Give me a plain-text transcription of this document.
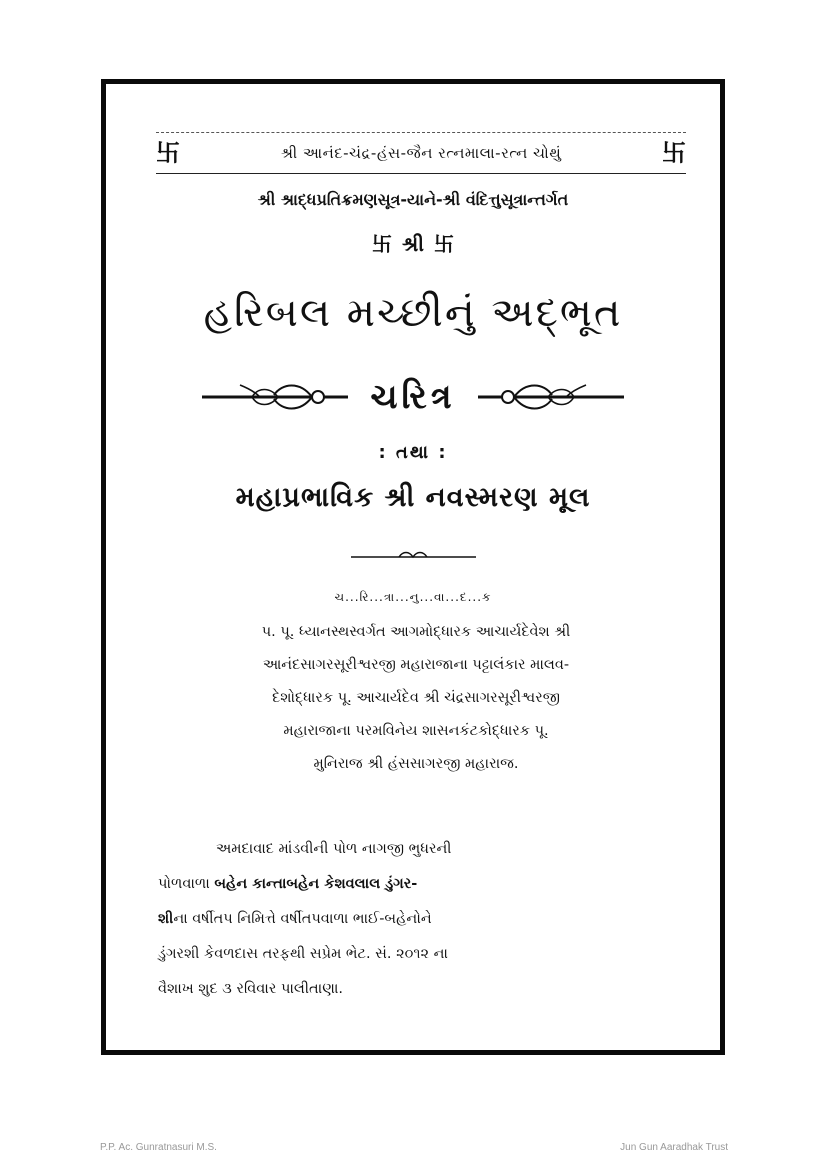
卐	શ્રી આનંદ-ચંદ્ર-હંસ-જૈન રત્નમાલા-રત્ન ચોથું	卐
શ્રી શ્રાદ્ધપ્રતિક્રમણસૂત્ર-યાને-શ્રી વંદિત્તુસૂત્રાન્તર્ગત
卐 શ્રી 卐
હરિબલ મચ્છીનું અદ્ભૂત
ચરિત્ર
: તથા :
મહાપ્રભાવિક શ્રી નવસ્મરણ મૂલ
ચ...રિ...ત્રા...નુ...વા...દ...ક
પ. પૂ. ધ્યાનસ્થસ્વર્ગત આગમોદ્ધારક આચાર્યદેવેશ શ્રી
આનંદસાગરસૂરીશ્વરજી મહારાજાના પટ્ટાલંકાર માલવ-
દેશોદ્ધારક પૂ. આચાર્યદેવ શ્રી ચંદ્રસાગરસૂરીશ્વરજી
મહારાજાના પરમવિનેય શાસનકંટકોદ્ધારક પૂ.
મુનિરાજ શ્રી હંસસાગરજી મહારાજ.
અમદાવાદ માંડવીની પોળ નાગજી ભુધરની
પોળવાળા બહેન કાન્તાબહેન કેશવલાલ ડુંગર-
શીના વર્ષીતપ નિમિત્તે વર્ષીતપવાળા ભાઈ-બહેનોને
ડુંગરશી કેવળદાસ તરફથી સપ્રેમ ભેટ. સં. ૨૦૧૨ ના
વૈશાખ શુદ ૩ રવિવાર પાલીતાણા.
P.P. Ac. Gunratnasuri M.S.	Jun Gun Aaradhak Trust
